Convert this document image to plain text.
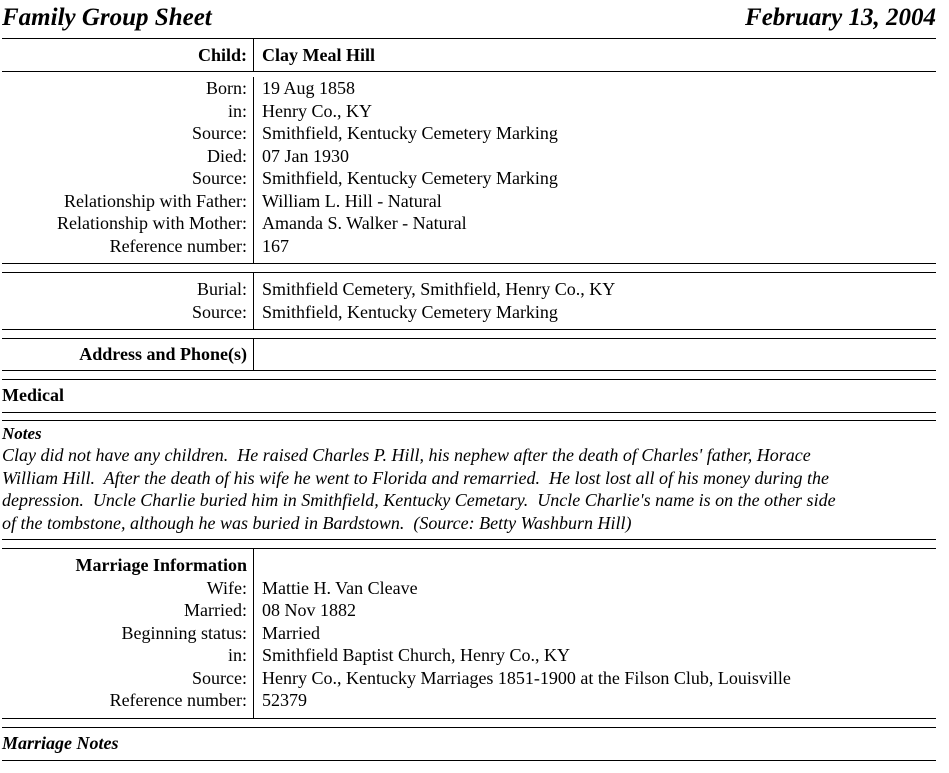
Family Group Sheet	February 13, 2004
Child: Clay Meal Hill
Born:
in:
Source:
Died:
Source:
Relationship with Father:
Relationship with Mother:
Reference number:
19 Aug 1858
Henry Co., KY
Smithfield, Kentucky Cemetery Marking
07 Jan 1930
Smithfield, Kentucky Cemetery Marking
William L. Hill - Natural
Amanda S. Walker - Natural
167
Burial:
Source:
Smithfield Cemetery, Smithfield, Henry Co., KY
Smithfield, Kentucky Cemetery Marking
Address and Phone(s)
Medical
Notes
Clay did not have any children.  He raised Charles P. Hill, his nephew after the death of Charles' father, Horace
William Hill.  After the death of his wife he went to Florida and remarried.  He lost lost all of his money during the
depression.  Uncle Charlie buried him in Smithfield, Kentucky Cemetary.  Uncle Charlie's name is on the other side
of the tombstone, although he was buried in Bardstown.  (Source: Betty Washburn Hill)
Marriage Information
Wife:
Married:
Beginning status:
in:
Source:
Reference number:

Mattie H. Van Cleave
08 Nov 1882
Married
Smithfield Baptist Church, Henry Co., KY
Henry Co., Kentucky Marriages 1851-1900 at the Filson Club, Louisville
52379
Marriage Notes
